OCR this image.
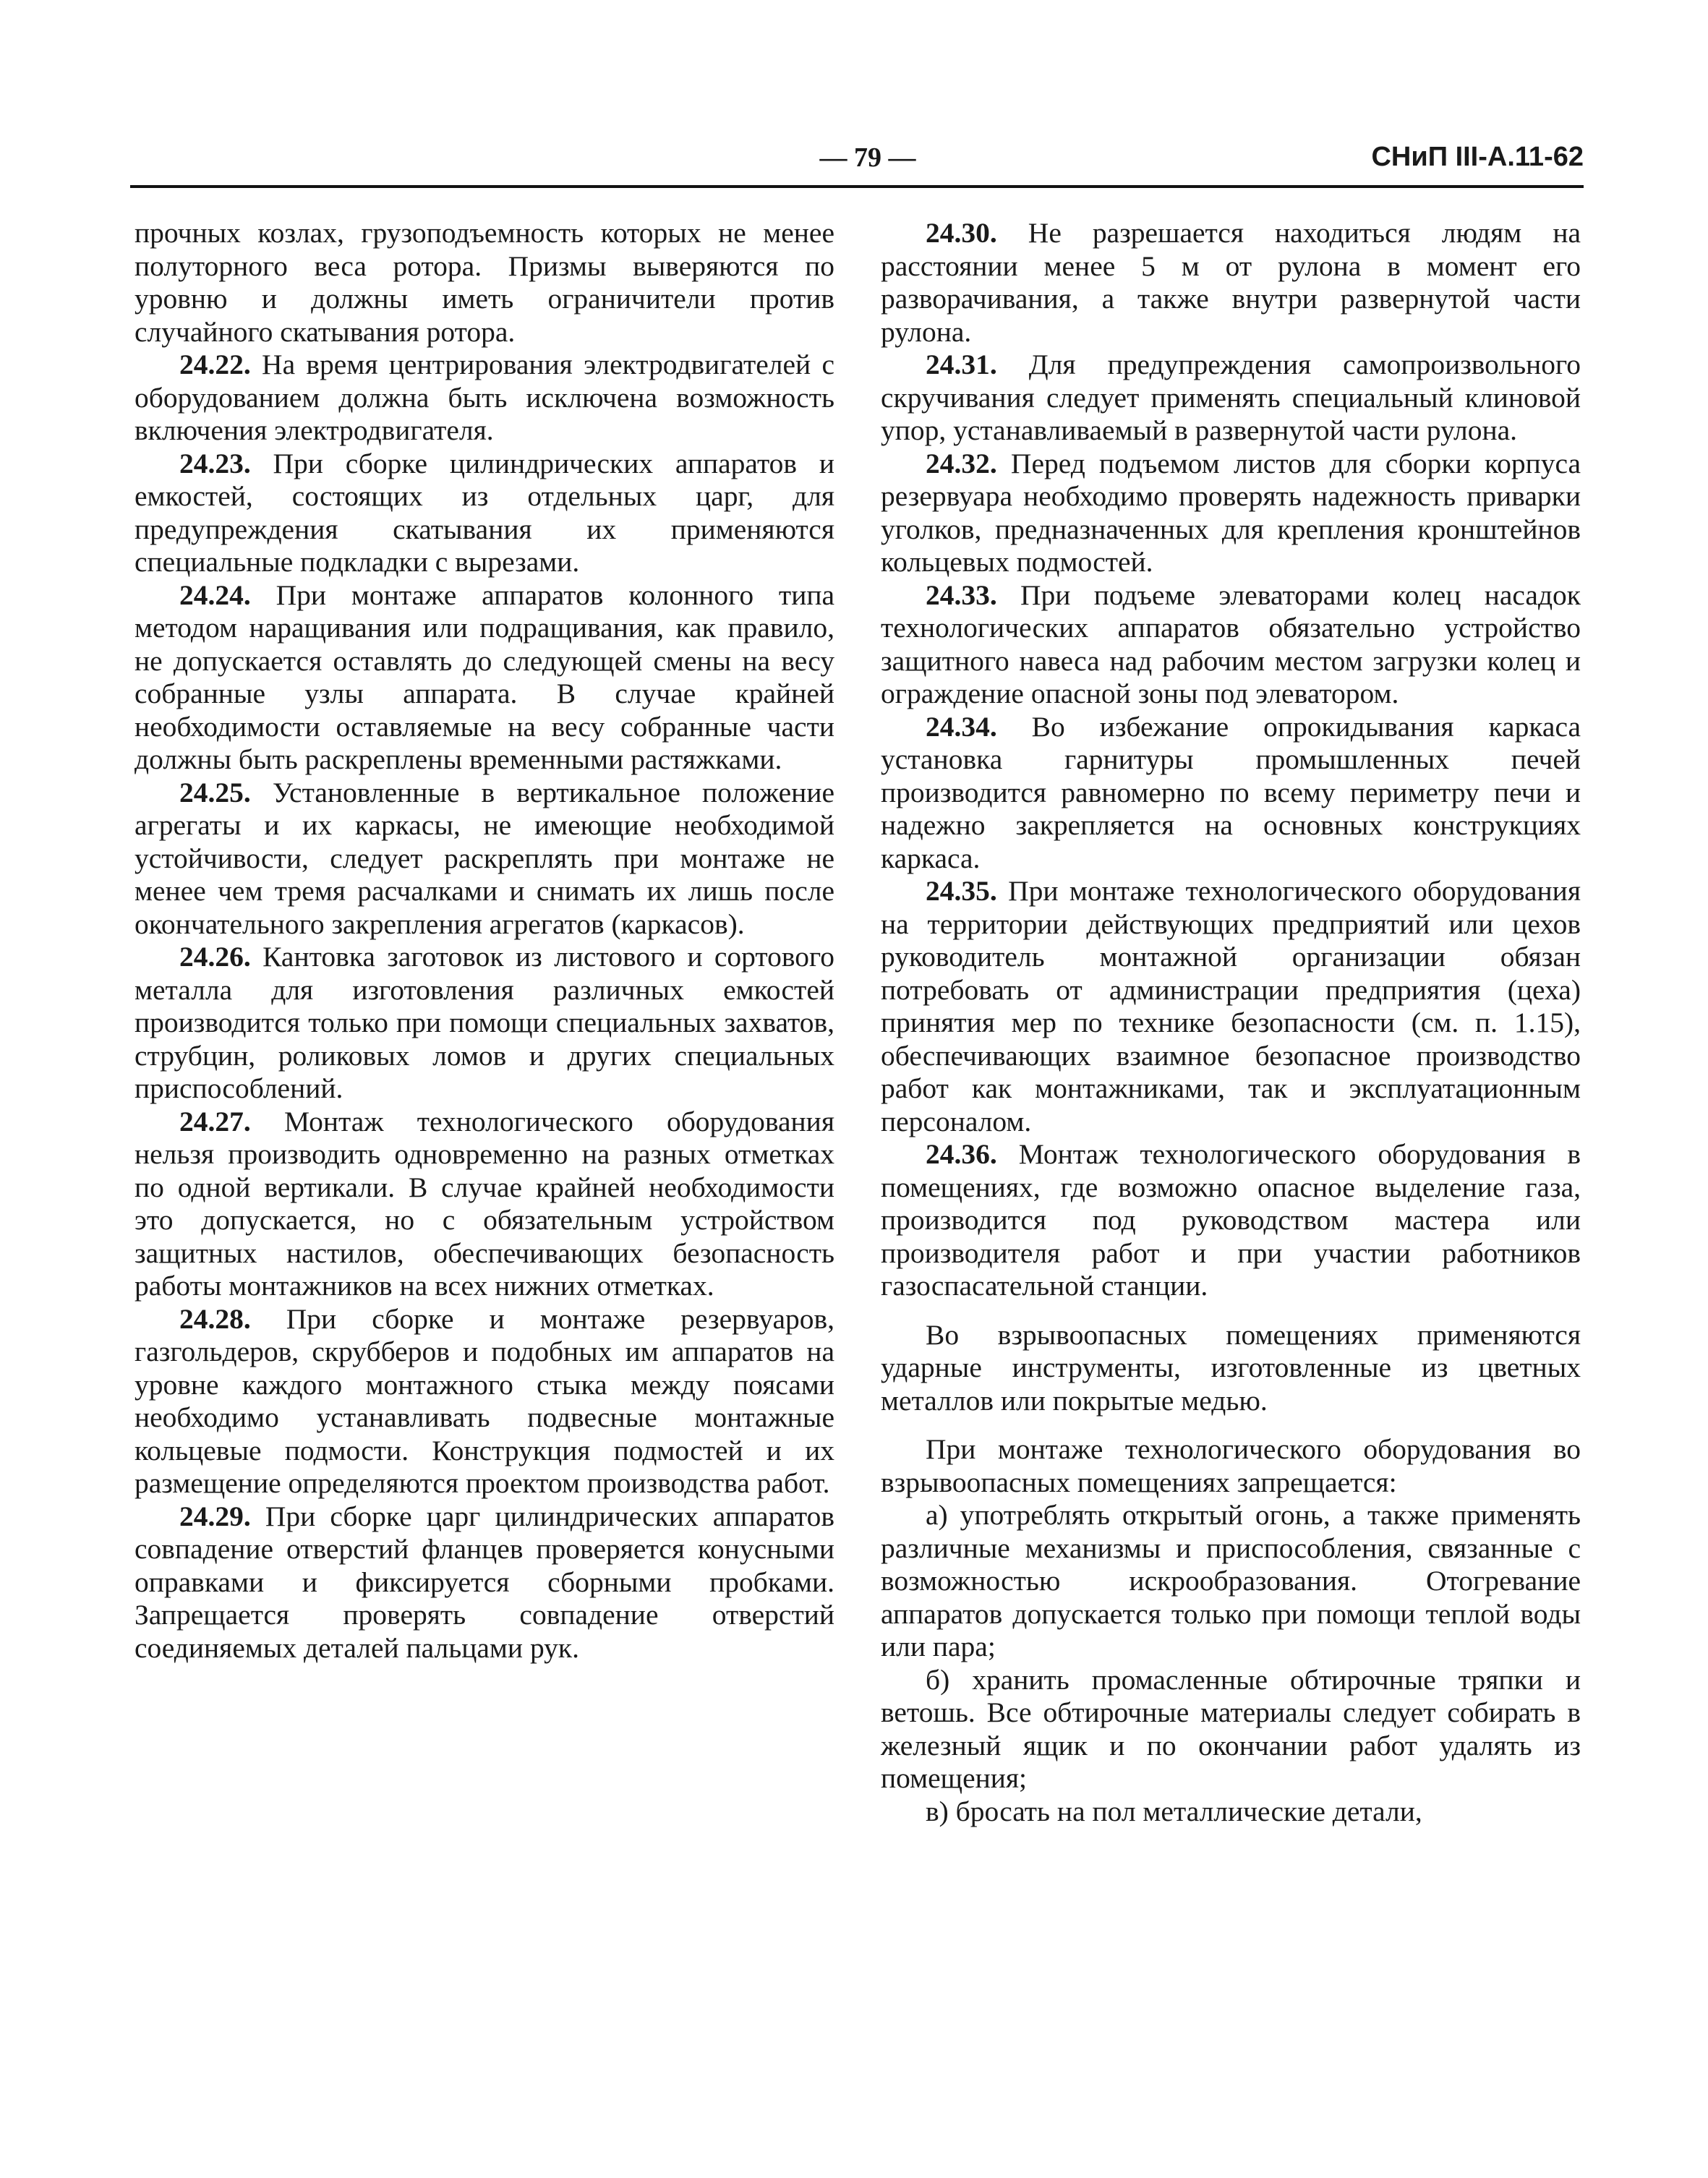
— 79 —	СНиП III-А.11-62

прочных козлах, грузоподъемность которых не менее полуторного веса ротора. Призмы выверяются по уровню и должны иметь ограничители против случайного скатывания ротора.

24.22. На время центрирования электродвигателей с оборудованием должна быть исключена возможность включения электродвигателя.

24.23. При сборке цилиндрических аппаратов и емкостей, состоящих из отдельных царг, для предупреждения скатывания их применяются специальные подкладки с вырезами.

24.24. При монтаже аппаратов колонного типа методом наращивания или подращивания, как правило, не допускается оставлять до следующей смены на весу собранные узлы аппарата. В случае крайней необходимости оставляемые на весу собранные части должны быть раскреплены временными растяжками.

24.25. Установленные в вертикальное положение агрегаты и их каркасы, не имеющие необходимой устойчивости, следует раскреплять при монтаже не менее чем тремя расчалками и снимать их лишь после окончательного закрепления агрегатов (каркасов).

24.26. Кантовка заготовок из листового и сортового металла для изготовления различных емкостей производится только при помощи специальных захватов, струбцин, роликовых ломов и других специальных приспособлений.

24.27. Монтаж технологического оборудования нельзя производить одновременно на разных отметках по одной вертикали. В случае крайней необходимости это допускается, но с обязательным устройством защитных настилов, обеспечивающих безопасность работы монтажников на всех нижних отметках.

24.28. При сборке и монтаже резервуаров, газгольдеров, скрубберов и подобных им аппаратов на уровне каждого монтажного стыка между поясами необходимо устанавливать подвесные монтажные кольцевые подмости. Конструкция подмостей и их размещение определяются проектом производства работ.

24.29. При сборке царг цилиндрических аппаратов совпадение отверстий фланцев проверяется конусными оправками и фиксируется сборными пробками. Запрещается проверять совпадение отверстий соединяемых деталей пальцами рук.

24.30. Не разрешается находиться людям на расстоянии менее 5 м от рулона в момент его разворачивания, а также внутри развернутой части рулона.

24.31. Для предупреждения самопроизвольного скручивания следует применять специальный клиновой упор, устанавливаемый в развернутой части рулона.

24.32. Перед подъемом листов для сборки корпуса резервуара необходимо проверять надежность приварки уголков, предназначенных для крепления кронштейнов кольцевых подмостей.

24.33. При подъеме элеваторами колец насадок технологических аппаратов обязательно устройство защитного навеса над рабочим местом загрузки колец и ограждение опасной зоны под элеватором.

24.34. Во избежание опрокидывания каркаса установка гарнитуры промышленных печей производится равномерно по всему периметру печи и надежно закрепляется на основных конструкциях каркаса.

24.35. При монтаже технологического оборудования на территории действующих предприятий или цехов руководитель монтажной организации обязан потребовать от администрации предприятия (цеха) принятия мер по технике безопасности (см. п. 1.15), обеспечивающих взаимное безопасное производство работ как монтажниками, так и эксплуатационным персоналом.

24.36. Монтаж технологического оборудования в помещениях, где возможно опасное выделение газа, производится под руководством мастера или производителя работ и при участии работников газоспасательной станции.

Во взрывоопасных помещениях применяются ударные инструменты, изготовленные из цветных металлов или покрытые медью.

При монтаже технологического оборудования во взрывоопасных помещениях запрещается:

а) употреблять открытый огонь, а также применять различные механизмы и приспособления, связанные с возможностью искрообразования. Отогревание аппаратов допускается только при помощи теплой воды или пара;

б) хранить промасленные обтирочные тряпки и ветошь. Все обтирочные материалы следует собирать в железный ящик и по окончании работ удалять из помещения;

в) бросать на пол металлические детали,
